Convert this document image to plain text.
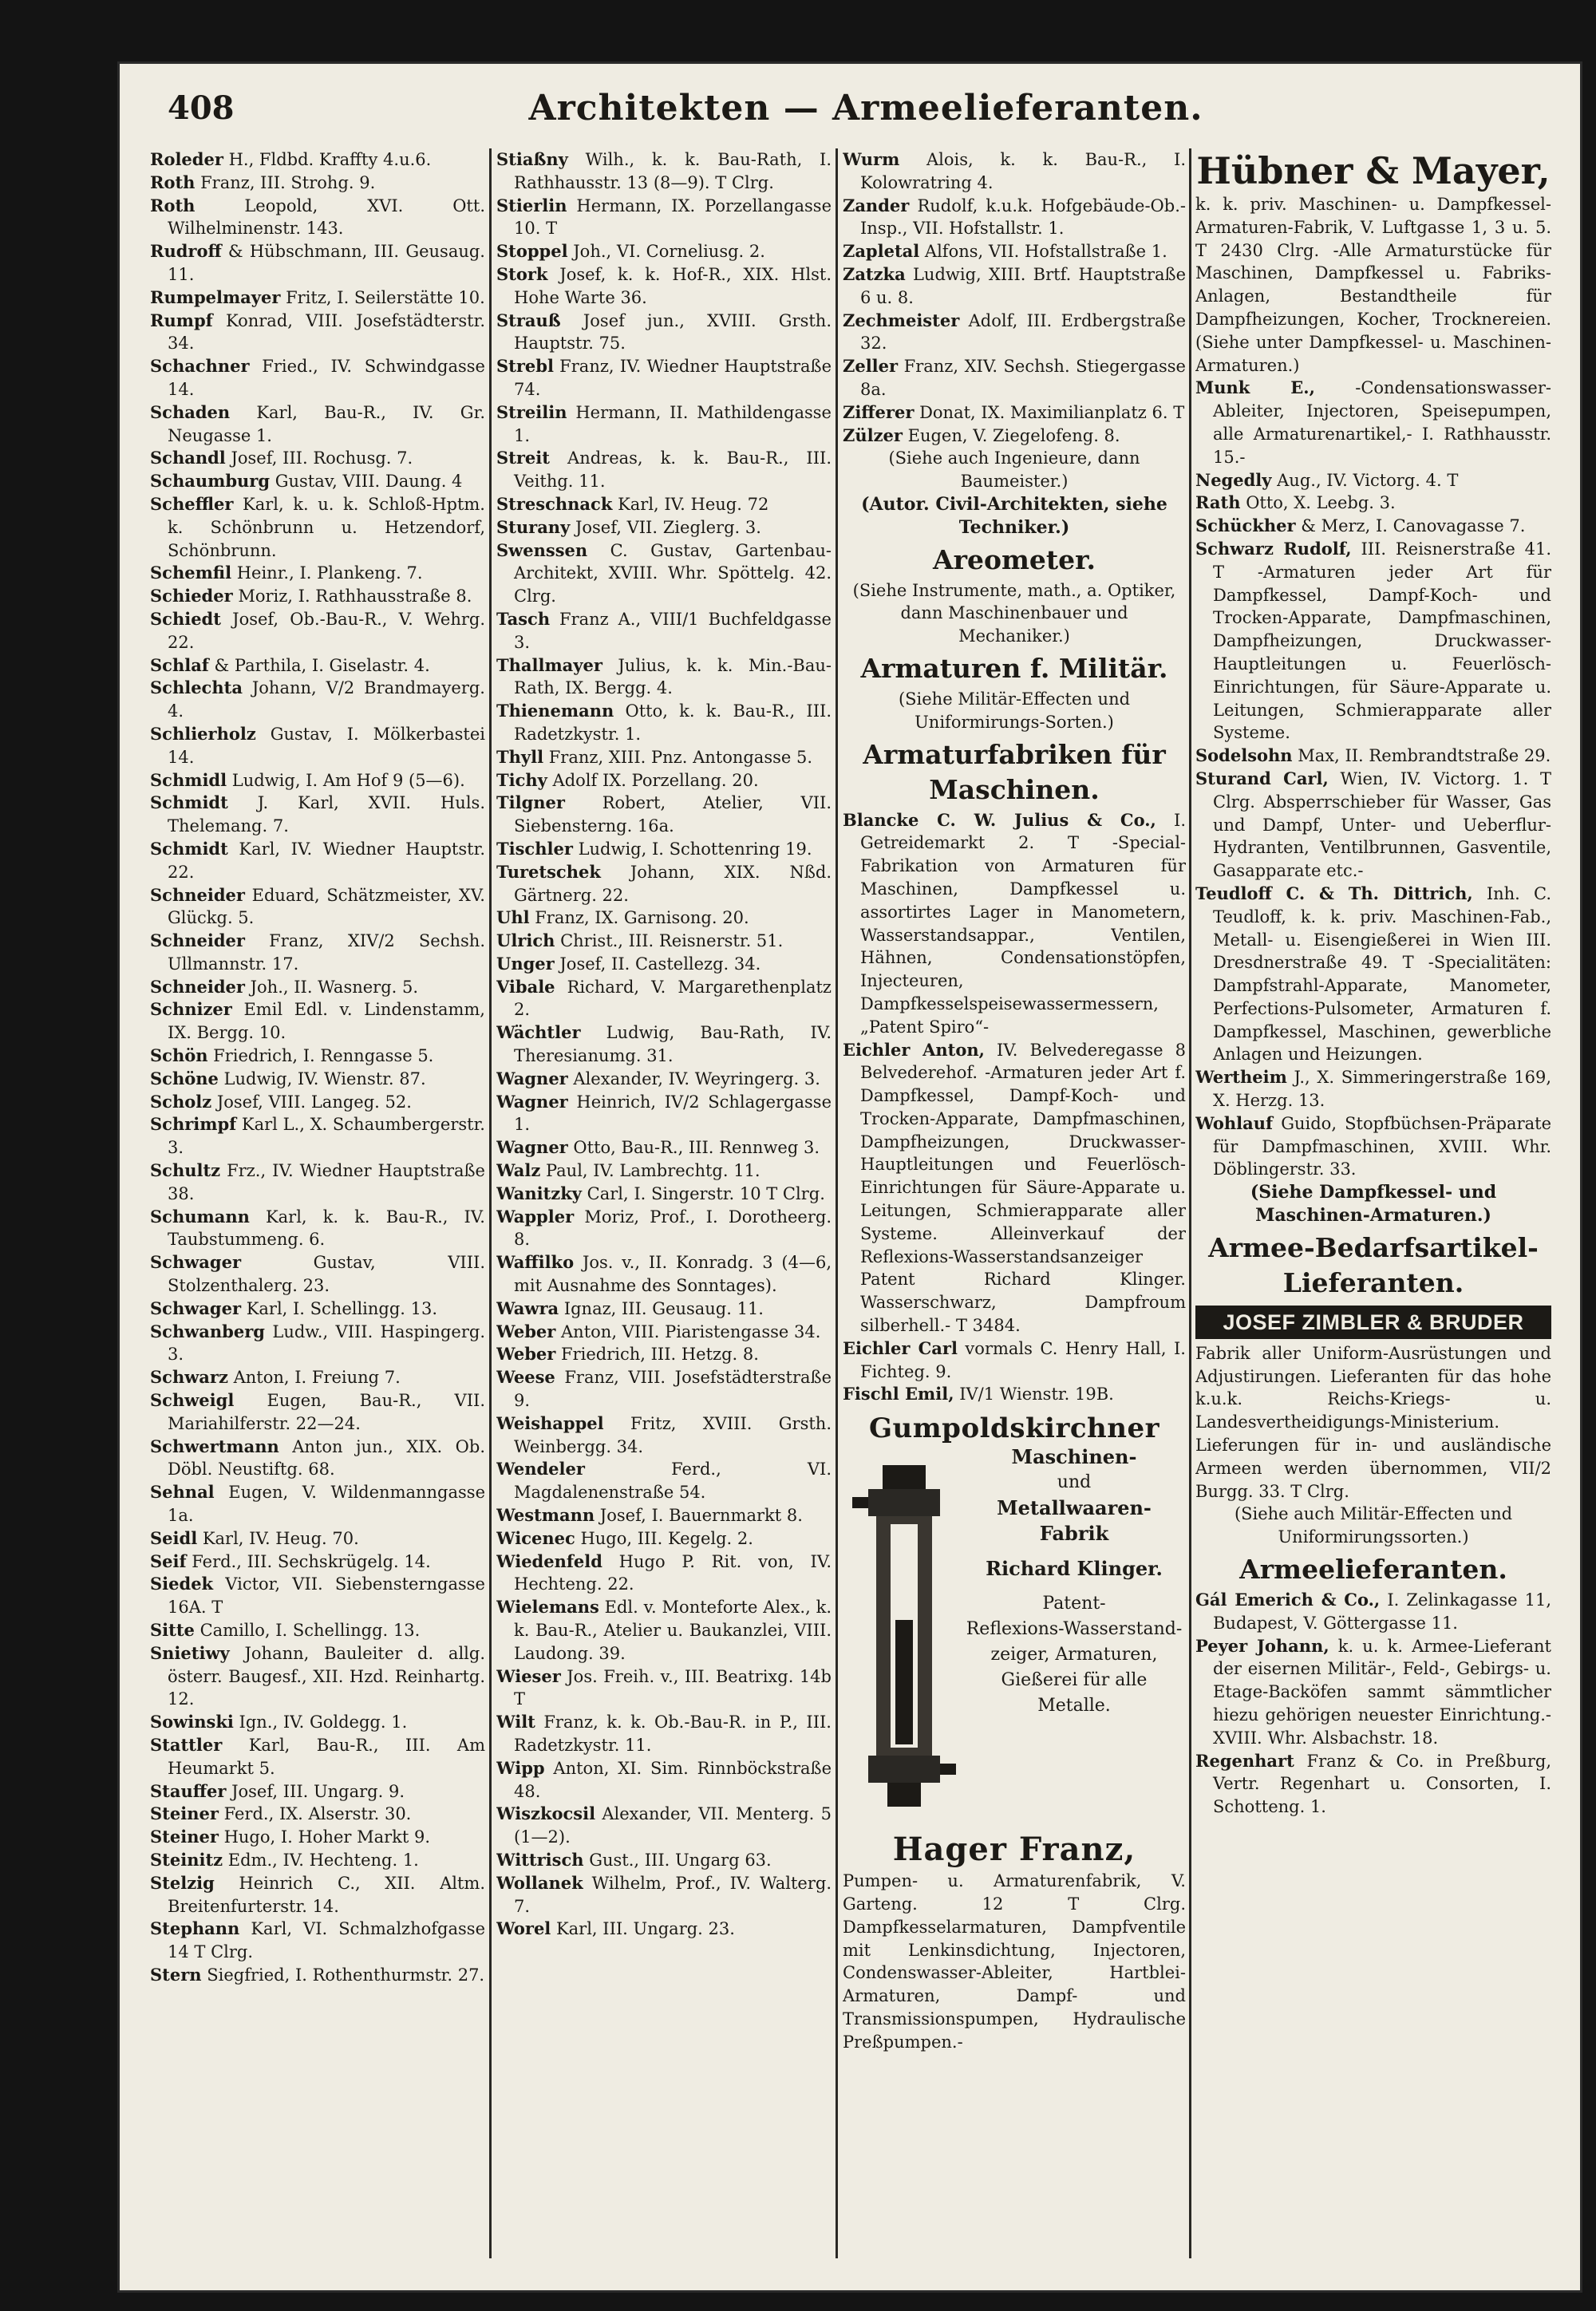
408	Architekten — Armeelieferanten.
Roleder H., Fldbd. Kraffty 4.u.6.
Roth Franz, III. Strohg. 9.
Roth Leopold, XVI. Ott. Wilhelminenstr. 143.
Rudroff & Hübschmann, III. Geusaug. 11.
Rumpelmayer Fritz, I. Seilerstätte 10.
Rumpf Konrad, VIII. Josefstädterstr. 34.
Schachner Fried., IV. Schwindgasse 14.
Schaden Karl, Bau-R., IV. Gr. Neugasse 1.
Schandl Josef, III. Rochusg. 7.
Schaumburg Gustav, VIII. Daung. 4
Scheffler Karl, k. u. k. Schloß-Hptm. k. Schönbrunn u. Hetzendorf, Schönbrunn.
Schemfil Heinr., I. Plankeng. 7.
Schieder Moriz, I. Rathhausstraße 8.
Schiedt Josef, Ob.-Bau-R., V. Wehrg. 22.
Schlaf & Parthila, I. Giselastr. 4.
Schlechta Johann, V/2 Brandmayerg. 4.
Schlierholz Gustav, I. Mölkerbastei 14.
Schmidl Ludwig, I. Am Hof 9 (5—6).
Schmidt J. Karl, XVII. Huls. Thelemang. 7.
Schmidt Karl, IV. Wiedner Hauptstr. 22.
Schneider Eduard, Schätzmeister, XV. Glückg. 5.
Schneider Franz, XIV/2 Sechsh. Ullmannstr. 17.
Schneider Joh., II. Wasnerg. 5.
Schnizer Emil Edl. v. Lindenstamm, IX. Bergg. 10.
Schön Friedrich, I. Renngasse 5.
Schöne Ludwig, IV. Wienstr. 87.
Scholz Josef, VIII. Langeg. 52.
Schrimpf Karl L., X. Schaumbergerstr. 3.
Schultz Frz., IV. Wiedner Hauptstraße 38.
Schumann Karl, k. k. Bau-R., IV. Taubstummeng. 6.
Schwager Gustav, VIII. Stolzenthalerg. 23.
Schwager Karl, I. Schellingg. 13.
Schwanberg Ludw., VIII. Haspingerg. 3.
Schwarz Anton, I. Freiung 7.
Schweigl Eugen, Bau-R., VII. Mariahilferstr. 22—24.
Schwertmann Anton jun., XIX. Ob. Döbl. Neustiftg. 68.
Sehnal Eugen, V. Wildenmanngasse 1a.
Seidl Karl, IV. Heug. 70.
Seif Ferd., III. Sechskrügelg. 14.
Siedek Victor, VII. Siebensterngasse 16A. T
Sitte Camillo, I. Schellingg. 13.
Snietiwy Johann, Bauleiter d. allg. österr. Baugesf., XII. Hzd. Reinhartg. 12.
Sowinski Ign., IV. Goldegg. 1.
Stattler Karl, Bau-R., III. Am Heumarkt 5.
Stauffer Josef, III. Ungarg. 9.
Steiner Ferd., IX. Alserstr. 30.
Steiner Hugo, I. Hoher Markt 9.
Steinitz Edm., IV. Hechteng. 1.
Stelzig Heinrich C., XII. Altm. Breitenfurterstr. 14.
Stephann Karl, VI. Schmalzhofgasse 14 T Clrg.
Stern Siegfried, I. Rothenthurmstr. 27.
Stiaßny Wilh., k. k. Bau-Rath, I. Rathhausstr. 13 (8—9). T Clrg.
Stierlin Hermann, IX. Porzellangasse 10. T
Stoppel Joh., VI. Corneliusg. 2.
Stork Josef, k. k. Hof-R., XIX. Hlst. Hohe Warte 36.
Strauß Josef jun., XVIII. Grsth. Hauptstr. 75.
Strebl Franz, IV. Wiedner Hauptstraße 74.
Streilin Hermann, II. Mathildengasse 1.
Streit Andreas, k. k. Bau-R., III. Veithg. 11.
Streschnack Karl, IV. Heug. 72
Sturany Josef, VII. Zieglerg. 3.
Swenssen C. Gustav, Gartenbau-Architekt, XVIII. Whr. Spöttelg. 42. Clrg.
Tasch Franz A., VIII/1 Buchfeldgasse 3.
Thallmayer Julius, k. k. Min.-Bau-Rath, IX. Bergg. 4.
Thienemann Otto, k. k. Bau-R., III. Radetzkystr. 1.
Thyll Franz, XIII. Pnz. Antongasse 5.
Tichy Adolf IX. Porzellang. 20.
Tilgner Robert, Atelier, VII. Siebensterng. 16a.
Tischler Ludwig, I. Schottenring 19.
Turetschek Johann, XIX. Nßd. Gärtnerg. 22.
Uhl Franz, IX. Garnisong. 20.
Ulrich Christ., III. Reisnerstr. 51.
Unger Josef, II. Castellezg. 34.
Vibale Richard, V. Margarethenplatz 2.
Wächtler Ludwig, Bau-Rath, IV. Theresianumg. 31.
Wagner Alexander, IV. Weyringerg. 3.
Wagner Heinrich, IV/2 Schlagergasse 1.
Wagner Otto, Bau-R., III. Rennweg 3.
Walz Paul, IV. Lambrechtg. 11.
Wanitzky Carl, I. Singerstr. 10 T Clrg.
Wappler Moriz, Prof., I. Dorotheerg. 8.
Waffilko Jos. v., II. Konradg. 3 (4—6, mit Ausnahme des Sonntages).
Wawra Ignaz, III. Geusaug. 11.
Weber Anton, VIII. Piaristengasse 34.
Weber Friedrich, III. Hetzg. 8.
Weese Franz, VIII. Josefstädterstraße 9.
Weishappel Fritz, XVIII. Grsth. Weinbergg. 34.
Wendeler Ferd., VI. Magdalenenstraße 54.
Westmann Josef, I. Bauernmarkt 8.
Wicenec Hugo, III. Kegelg. 2.
Wiedenfeld Hugo P. Rit. von, IV. Hechteng. 22.
Wielemans Edl. v. Monteforte Alex., k. k. Bau-R., Atelier u. Baukanzlei, VIII. Laudong. 39.
Wieser Jos. Freih. v., III. Beatrixg. 14b T
Wilt Franz, k. k. Ob.-Bau-R. in P., III. Radetzkystr. 11.
Wipp Anton, XI. Sim. Rinnböckstraße 48.
Wiszkocsil Alexander, VII. Menterg. 5 (1—2).
Wittrisch Gust., III. Ungarg 63.
Wollanek Wilhelm, Prof., IV. Walterg. 7.
Worel Karl, III. Ungarg. 23.
Wurm Alois, k. k. Bau-R., I. Kolowratring 4.
Zander Rudolf, k.u.k. Hofgebäude-Ob.-Insp., VII. Hofstallstr. 1.
Zapletal Alfons, VII. Hofstallstraße 1.
Zatzka Ludwig, XIII. Brtf. Hauptstraße 6 u. 8.
Zechmeister Adolf, III. Erdbergstraße 32.
Zeller Franz, XIV. Sechsh. Stiegergasse 8a.
Zifferer Donat, IX. Maximilianplatz 6. T
Zülzer Eugen, V. Ziegelofeng. 8.
(Siehe auch Ingenieure, dann Baumeister.)
(Autor. Civil-Architekten, siehe Techniker.)
Areometer.
(Siehe Instrumente, math., a. Optiker, dann Maschinenbauer und Mechaniker.)
Armaturen f. Militär.
(Siehe Militär-Effecten und Uniformirungs-Sorten.)
Armaturfabriken für Maschinen.
Blancke C. W. Julius & Co., I. Getreidemarkt 2. T -Special-Fabrikation von Armaturen für Maschinen, Dampfkessel u. assortirtes Lager in Manometern, Wasserstandsappar., Ventilen, Hähnen, Condensationstöpfen, Injecteuren, Dampfkesselspeisewassermessern, „Patent Spiro“-
Eichler Anton, IV. Belvederegasse 8 Belvederehof. -Armaturen jeder Art f. Dampfkessel, Dampf-Koch- und Trocken-Apparate, Dampfmaschinen, Dampfheizungen, Druckwasser-Hauptleitungen und Feuerlösch-Einrichtungen für Säure-Apparate u. Leitungen, Schmierapparate aller Systeme. Alleinverkauf der Reflexions-Wasserstandsanzeiger Patent Richard Klinger. Wasserschwarz, Dampfroum silberhell.- T 3484.
Eichler Carl vormals C. Henry Hall, I. Fichteg. 9.
Fischl Emil, IV/1 Wienstr. 19B.
Gumpoldskirchner
Maschinen-
und
Metallwaaren-Fabrik
Richard Klinger.
Patent-
Reflexions-Wasserstand-
zeiger, Armaturen,
Gießerei für alle Metalle.
Hager Franz,
Pumpen- u. Armaturenfabrik, V. Garteng. 12 T Clrg. Dampfkesselarmaturen, Dampfventile mit Lenkinsdichtung, Injectoren, Condenswasser-Ableiter, Hartblei-Armaturen, Dampf- und Transmissionspumpen, Hydraulische Preßpumpen.-
Hübner & Mayer,
k. k. priv. Maschinen- u. Dampfkessel-Armaturen-Fabrik, V. Luftgasse 1, 3 u. 5. T 2430 Clrg. -Alle Armaturstücke für Maschinen, Dampfkessel u. Fabriks-Anlagen, Bestandtheile für Dampfheizungen, Kocher, Trocknereien. (Siehe unter Dampfkessel- u. Maschinen-Armaturen.)
Munk E., -Condensationswasser-Ableiter, Injectoren, Speisepumpen, alle Armaturenartikel,- I. Rathhausstr. 15.-
Negedly Aug., IV. Victorg. 4. T
Rath Otto, X. Leebg. 3.
Schückher & Merz, I. Canovagasse 7.
Schwarz Rudolf, III. Reisnerstraße 41. T -Armaturen jeder Art für Dampfkessel, Dampf-Koch- und Trocken-Apparate, Dampfmaschinen, Dampfheizungen, Druckwasser-Hauptleitungen u. Feuerlösch-Einrichtungen, für Säure-Apparate u. Leitungen, Schmierapparate aller Systeme.
Sodelsohn Max, II. Rembrandtstraße 29.
Sturand Carl, Wien, IV. Victorg. 1. T Clrg. Absperrschieber für Wasser, Gas und Dampf, Unter- und Ueberflur-Hydranten, Ventilbrunnen, Gasventile, Gasapparate etc.-
Teudloff C. & Th. Dittrich, Inh. C. Teudloff, k. k. priv. Maschinen-Fab., Metall- u. Eisengießerei in Wien III. Dresdnerstraße 49. T -Specialitäten: Dampfstrahl-Apparate, Manometer, Perfections-Pulsometer, Armaturen f. Dampfkessel, Maschinen, gewerbliche Anlagen und Heizungen.
Wertheim J., X. Simmeringerstraße 169, X. Herzg. 13.
Wohlauf Guido, Stopfbüchsen-Präparate für Dampfmaschinen, XVIII. Whr. Döblingerstr. 33.
(Siehe Dampfkessel- und Maschinen-Armaturen.)
Armee-Bedarfsartikel-Lieferanten.
JOSEF ZIMBLER & BRUDER
Fabrik aller Uniform-Ausrüstungen und Adjustirungen. Lieferanten für das hohe k.u.k. Reichs-Kriegs- u. Landesvertheidigungs-Ministerium. Lieferungen für in- und ausländische Armeen werden übernommen, VII/2 Burgg. 33. T Clrg.
(Siehe auch Militär-Effecten und Uniformirungssorten.)
Armeelieferanten.
Gál Emerich & Co., I. Zelinkagasse 11, Budapest, V. Göttergasse 11.
Peyer Johann, k. u. k. Armee-Lieferant der eisernen Militär-, Feld-, Gebirgs- u. Etage-Backöfen sammt sämmtlicher hiezu gehörigen neuester Einrichtung.- XVIII. Whr. Alsbachstr. 18.
Regenhart Franz & Co. in Preßburg, Vertr. Regenhart u. Consorten, I. Schotteng. 1.
